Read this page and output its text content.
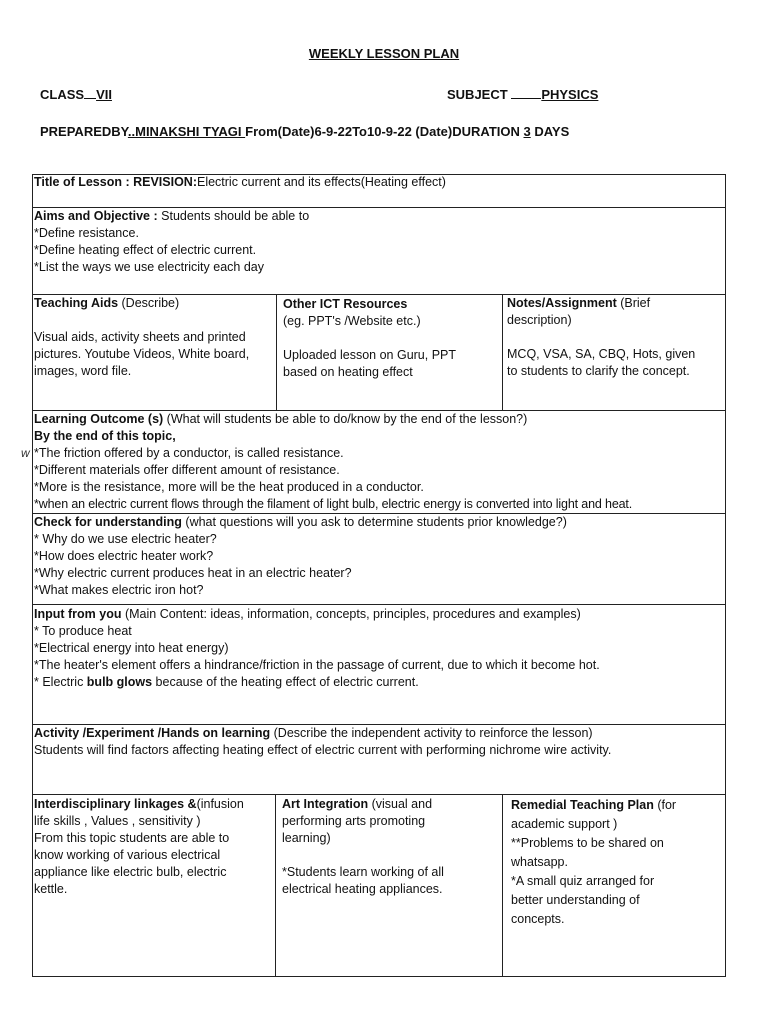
WEEKLY LESSON PLAN
CLASS VII	SUBJECT	PHYSICS
PREPAREDBY..MINAKSHI TYAGI From(Date)6-9-22To10-9-22 (Date)DURATION 3 DAYS
Title of Lesson : REVISION:Electric current and its effects(Heating effect)
Aims and Objective : Students should be able to
*Define resistance.
*Define heating effect of electric current.
*List the ways we use electricity each day
Teaching Aids (Describe)
Visual aids, activity sheets and printed
pictures. Youtube Videos, White board,
images, word file.
Other ICT Resources
(eg. PPT's /Website etc.)
Uploaded lesson on Guru, PPT
based on heating effect
Notes/Assignment (Brief
description)
MCQ, VSA, SA, CBQ, Hots, given
to students to clarify the concept.
Learning Outcome (s) (What will students be able to do/know by the end of the lesson?)
By the end of this topic,
*The friction offered by a conductor, is called resistance.
*Different materials offer different amount of resistance.
*More is the resistance, more will be the heat produced in a conductor.
*when an electric current flows through the filament of light bulb, electric energy is converted into light and heat.
w
Check for understanding (what questions will you ask to determine students prior knowledge?)
* Why do we use electric heater?
*How does electric heater work?
*Why electric current produces heat in an electric heater?
*What makes electric iron hot?
Input from you (Main Content: ideas, information, concepts, principles, procedures and examples)
* To produce heat
*Electrical energy into heat energy)
*The heater's element offers a hindrance/friction in the passage of current, due to which it become hot.
* Electric bulb glows because of the heating effect of electric current.
Activity /Experiment /Hands on learning (Describe the independent activity to reinforce the lesson)
Students will find factors affecting heating effect of electric current with performing nichrome wire activity.
Interdisciplinary linkages &(infusion
life skills , Values , sensitivity )
From this topic students are able to
know working of various electrical
appliance like electric bulb, electric
kettle.
Art Integration (visual and
performing arts promoting
learning)
*Students learn working of all
electrical heating appliances.
Remedial Teaching Plan (for
academic support )
**Problems to be shared on
whatsapp.
*A small quiz arranged for
better understanding of
concepts.
